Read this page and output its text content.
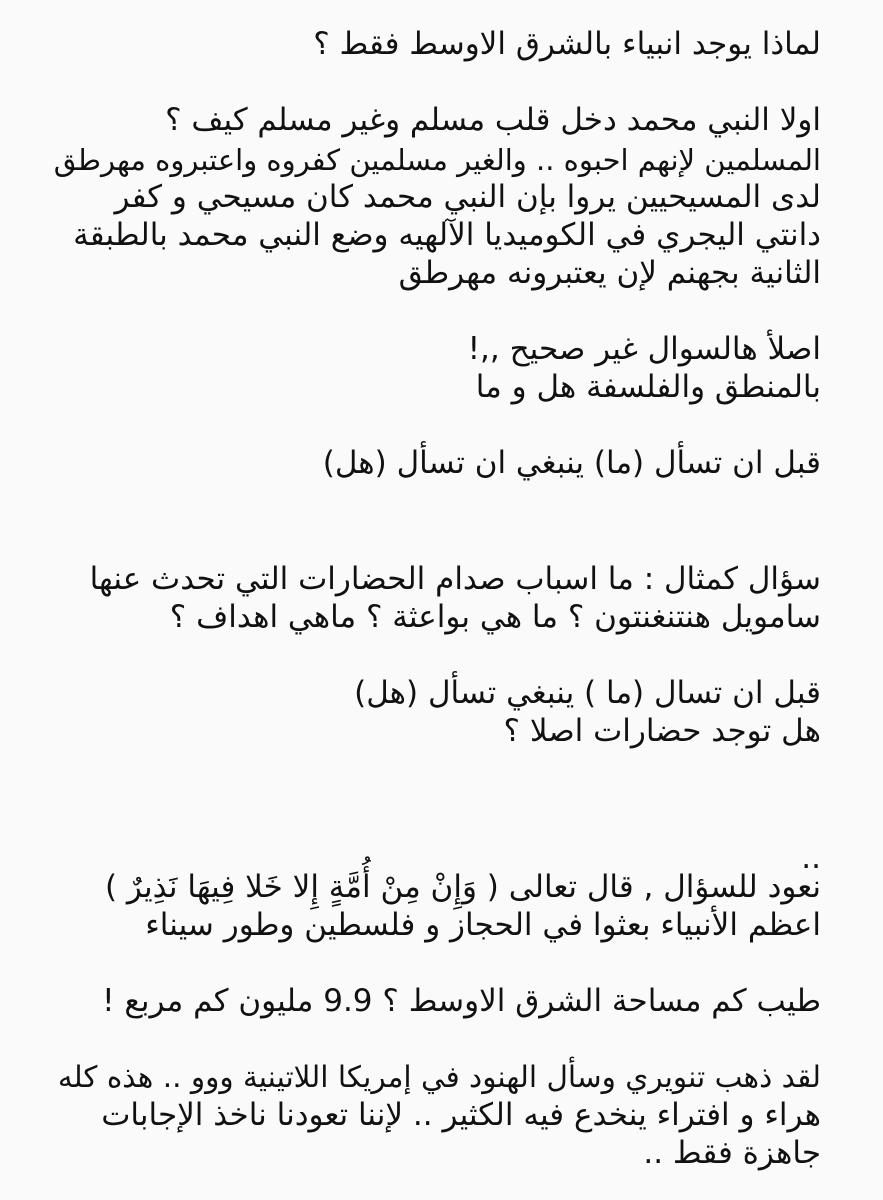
لماذا يوجد انبياء بالشرق الاوسط فقط ؟

اولا النبي محمد دخل قلب مسلم وغير مسلم كيف ؟

المسلمين لإنهم احبوه .. والغير مسلمين كفروه واعتبروه مهرطق

لدى المسيحيين يروا بإن النبي محمد كان مسيحي و كفر

دانتي اليجري في الكوميديا الآلهيه وضع النبي محمد بالطبقة

الثانية بجهنم لإن يعتبرونه مهرطق

اصلأ هالسوال غير صحيح ,,!

بالمنطق والفلسفة هل و ما

قبل ان تسأل (ما) ينبغي ان تسأل (هل)

سؤال كمثال : ما اسباب صدام الحضارات التي تحدث عنها

سامويل هنتنغنتون ؟ ما هي بواعثة ؟ ماهي اهداف ؟

قبل ان تسال (ما ) ينبغي تسأل (هل)

هل توجد حضارات اصلا ؟

..

نعود للسؤال , قال تعالى ( وَإِنْ مِنْ أُمَّةٍ إِلا خَلا فِيهَا نَذِيرٌ )

اعظم الأنبياء بعثوا في الحجاز و فلسطين وطور سيناء

طيب كم مساحة الشرق الاوسط ؟ 9.9 مليون كم مربع !

لقد ذهب تنويري وسأل الهنود في إمريكا اللاتينية ووو .. هذه كله

هراء و افتراء ينخدع فيه الكثير .. لإننا تعودنا ناخذ الإجابات

جاهزة فقط ..
